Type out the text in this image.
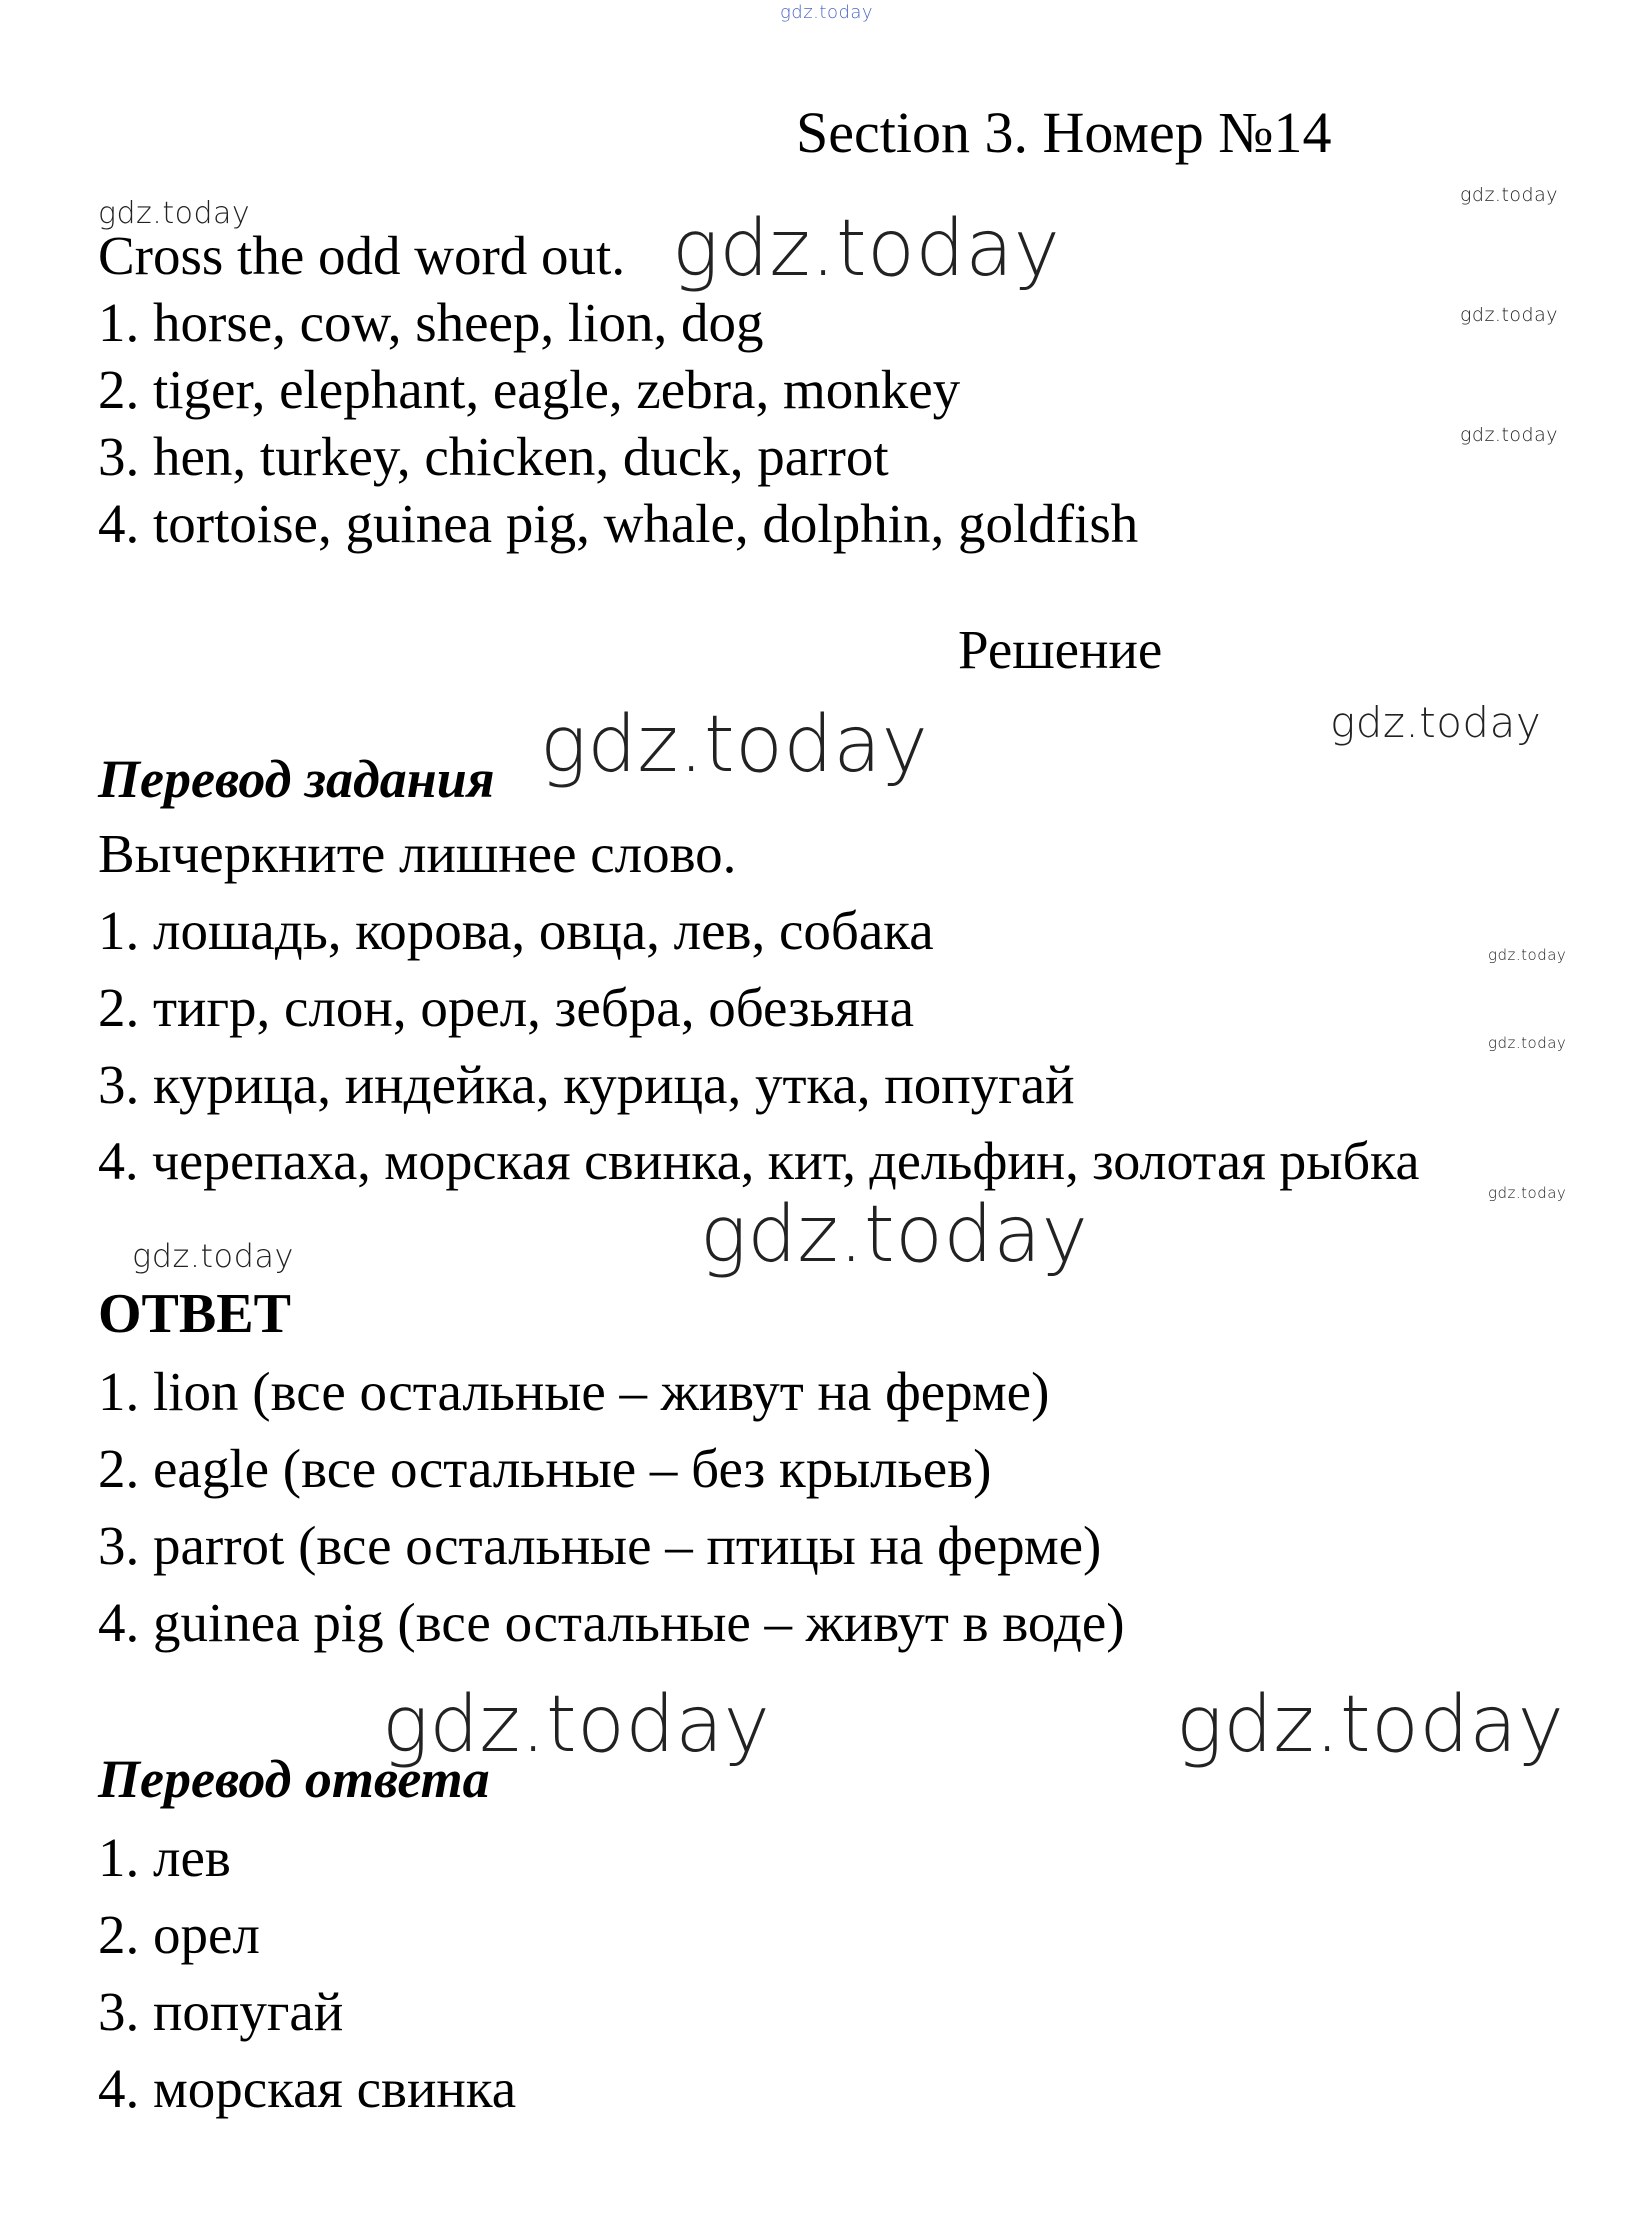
gdz.today
gdz.today	gdz.today
gdz.today
gdz.today
gdz.today
gdz.today	gdz.today
gdz.today
gdz.today
gdz.today
gdz.today
gdz.today
gdz.today	gdz.today
Section 3. Номер №14
Cross the odd word out.
1. horse, cow, sheep, lion, dog
2. tiger, elephant, eagle, zebra, monkey
3. hen, turkey, chicken, duck, parrot
4. tortoise, guinea pig, whale, dolphin, goldfish
Решение
Перевод задания
Вычеркните лишнее слово.
1. лошадь, корова, овца, лев, собака
2. тигр, слон, орел, зебра, обезьяна
3. курица, индейка, курица, утка, попугай
4. черепаха, морская свинка, кит, дельфин, золотая рыбка
ОТВЕТ
1. lion (все остальные – живут на ферме)
2. eagle (все остальные – без крыльев)
3. parrot (все остальные – птицы на ферме)
4. guinea pig (все остальные – живут в воде)
Перевод ответа
1. лев
2. орел
3. попугай
4. морская свинка
